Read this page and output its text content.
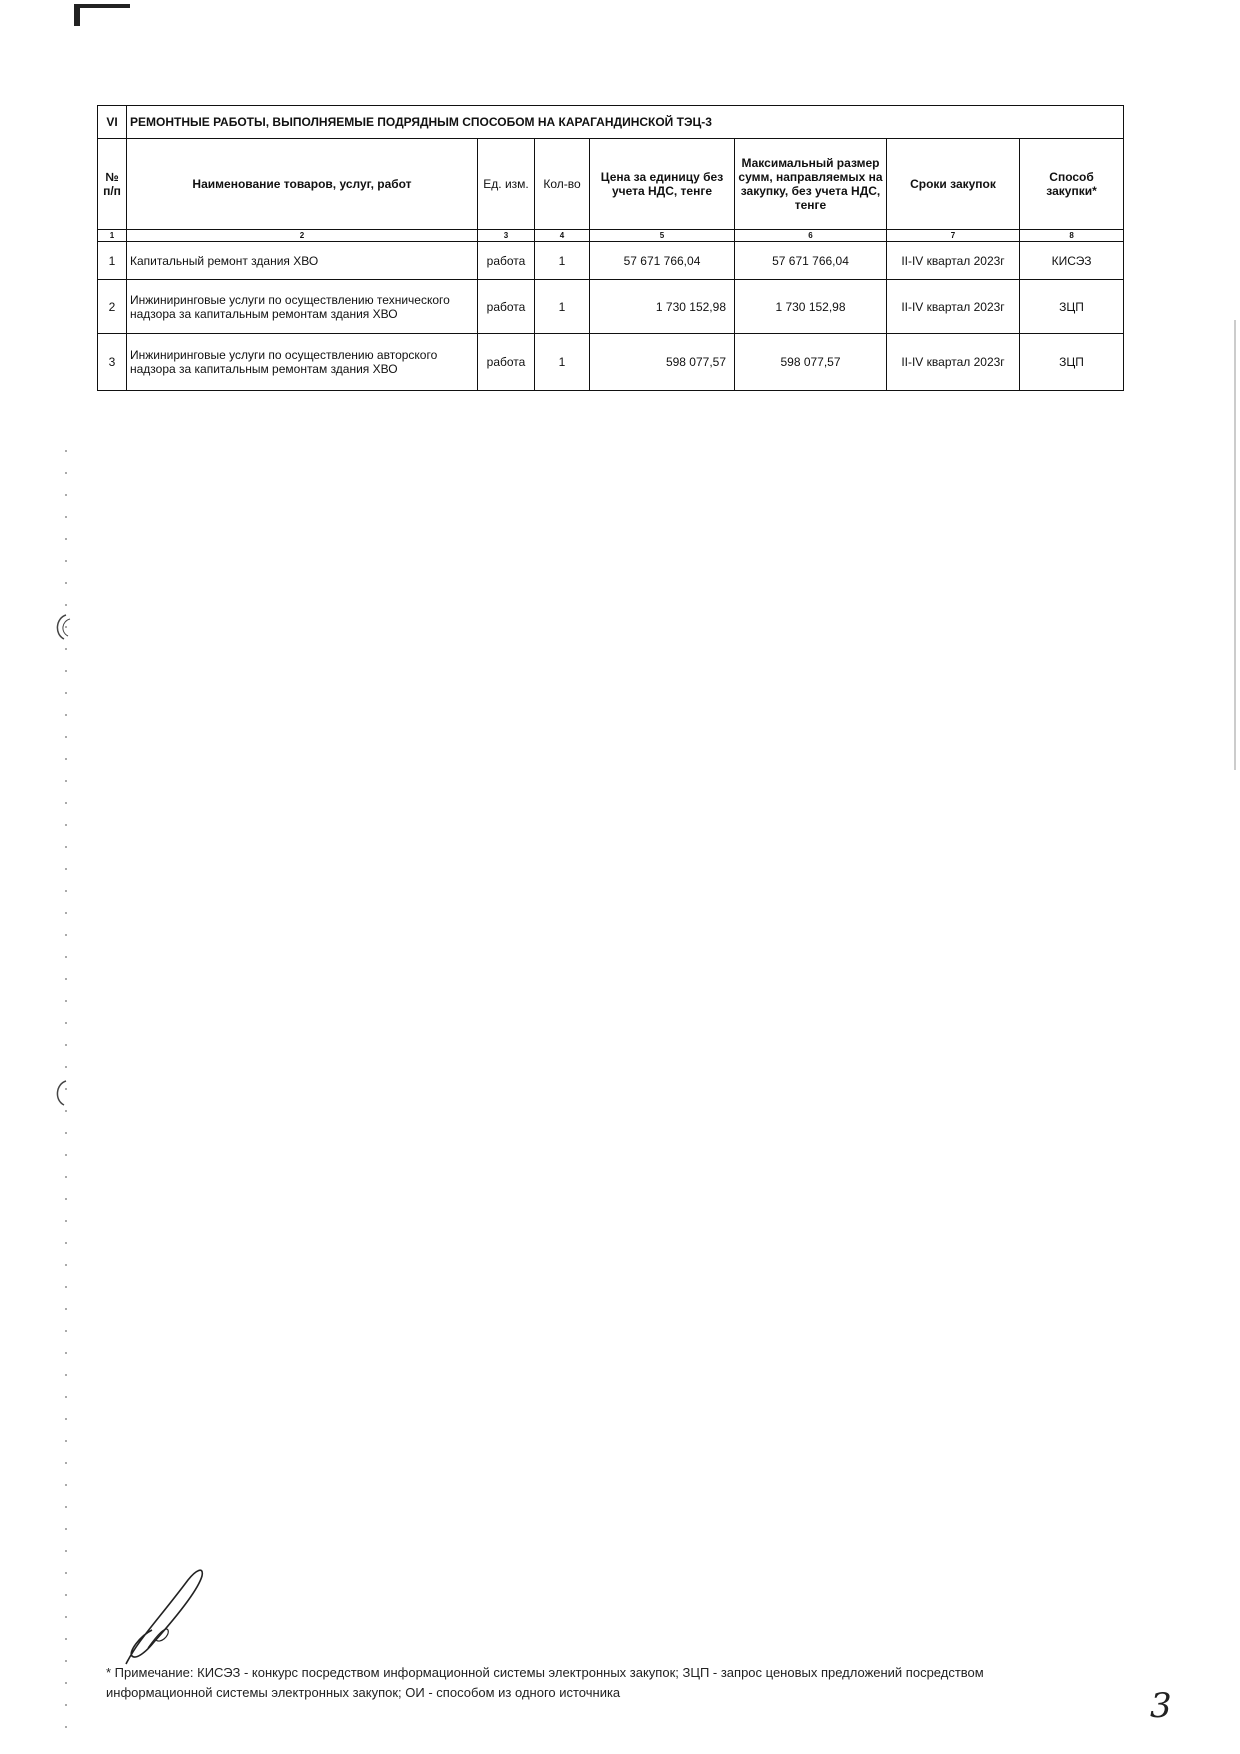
VI	РЕМОНТНЫЕ РАБОТЫ, ВЫПОЛНЯЕМЫЕ ПОДРЯДНЫМ СПОСОБОМ НА КАРАГАНДИНСКОЙ ТЭЦ-3						
№ п/п	Наименование товаров, услуг, работ	Ед. изм.	Кол-во	Цена за единицу без учета НДС, тенге	Максимальный размер сумм, направляемых на закупку, без учета НДС, тенге	Сроки закупок	Способ закупки*
1	2	3	4	5	6	7	8
1	Капитальный ремонт здания ХВО	работа	1	57 671 766,04	57 671 766,04	II-IV квартал 2023г	КИСЭЗ
2	Инжиниринговые услуги по осуществлению технического надзора за капитальным ремонтам здания ХВО	работа	1	1 730 152,98	1 730 152,98	II-IV квартал 2023г	ЗЦП
3	Инжиниринговые услуги по осуществлению авторского надзора за капитальным ремонтам здания ХВО	работа	1	598 077,57	598 077,57	II-IV квартал 2023г	ЗЦП
* Примечание: КИСЭЗ - конкурс посредством информационной системы электронных закупок; ЗЦП - запрос ценовых предложений посредством информационной системы электронных закупок; ОИ - способом из одного источника	3
